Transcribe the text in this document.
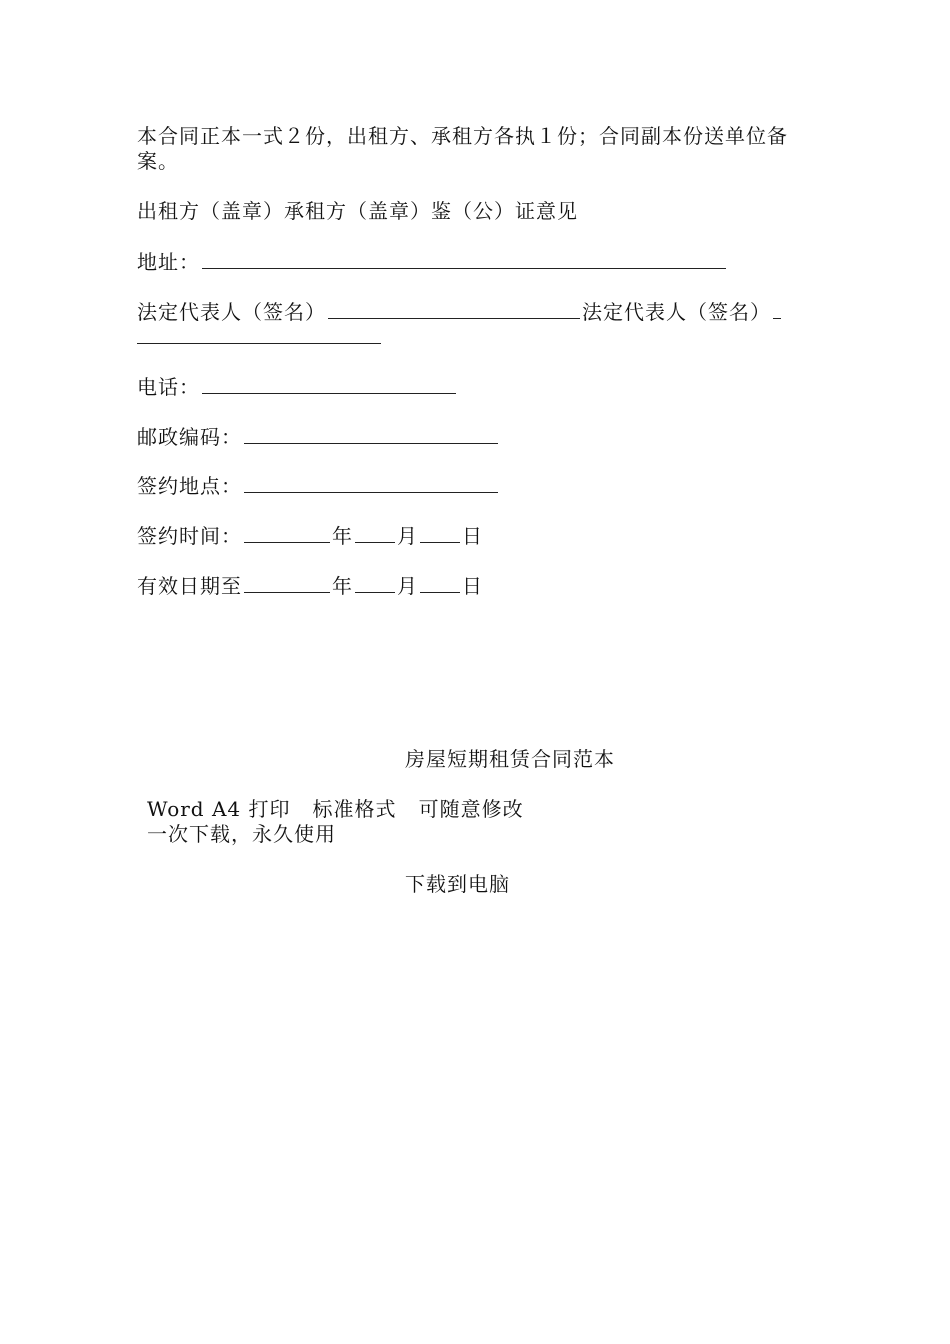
本合同正本一式２份，出租方、承租方各执１份；合同副本份送单位备案。
出租方（盖章）承租方（盖章）鉴（公）证意见
地址：
法定代表人（签名）	法定代表人（签名）
电话：
邮政编码：
签约地点：
签约时间：	年 月 日
有效日期至	年 月 日
房屋短期租赁合同范本
Word A4 打印   标准格式   可随意修改
一次下载，永久使用
下载到电脑
